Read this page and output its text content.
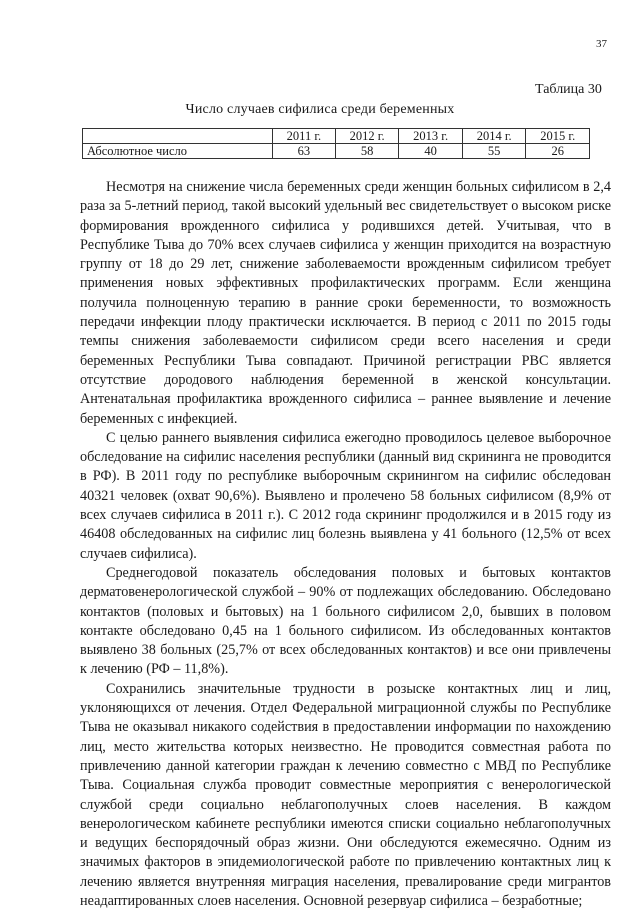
37
Таблица 30
Число случаев сифилиса среди беременных
	2011 г.	2012 г.	2013 г.	2014 г.	2015 г.
Абсолютное число	63	58	40	55	26

Несмотря на снижение числа беременных среди женщин больных сифилисом в 2,4 раза за 5-летний период, такой высокий удельный вес свидетельствует о высоком риске формирования врожденного сифилиса у родившихся детей. Учитывая, что в Республике Тыва до 70% всех случаев сифилиса у женщин приходится на возрастную группу от 18 до 29 лет, снижение заболеваемости врожденным сифилисом требует применения новых эффективных профилактических программ. Если женщина получила полноценную терапию в ранние сроки беременности, то возможность передачи инфекции плоду практически исключается. В период с 2011 по 2015 годы темпы снижения заболеваемости сифилисом среди всего населения и среди беременных Республики Тыва совпадают. Причиной регистрации РВС является отсутствие дородового наблюдения беременной в женской консультации. Антенатальная профилактика врожденного сифилиса – раннее выявление и лечение беременных с инфекцией.

С целью раннего выявления сифилиса ежегодно проводилось целевое выборочное обследование на сифилис населения республики (данный вид скрининга не проводится в РФ). В 2011 году по республике выборочным скринингом на сифилис обследован 40321 человек (охват 90,6%). Выявлено и пролечено 58 больных сифилисом (8,9% от всех случаев сифилиса в 2011 г.). С 2012 года скрининг продолжился и в 2015 году из 46408 обследованных на сифилис лиц болезнь выявлена у 41 больного (12,5% от всех случаев сифилиса).

Среднегодовой показатель обследования половых и бытовых контактов дерматовенерологической службой – 90% от подлежащих обследованию. Обследовано контактов (половых и бытовых) на 1 больного сифилисом 2,0, бывших в половом контакте обследовано 0,45 на 1 больного сифилисом. Из обследованных контактов выявлено 38 больных (25,7% от всех обследованных контактов) и все они привлечены к лечению (РФ – 11,8%).

Сохранились значительные трудности в розыске контактных лиц и лиц, уклоняющихся от лечения. Отдел Федеральной миграционной службы по Республике Тыва не оказывал никакого содействия в предоставлении информации по нахождению лиц, место жительства которых неизвестно. Не проводится совместная работа по привлечению данной категории граждан к лечению совместно с МВД по Республике Тыва. Социальная служба проводит совместные мероприятия с венерологической службой среди социально неблагополучных слоев населения. В каждом венерологическом кабинете республики имеются списки социально неблагополучных и ведущих беспорядочный образ жизни. Они обследуются ежемесячно. Одним из значимых факторов в эпидемиологической работе по привлечению контактных лиц к лечению является внутренняя миграция населения, превалирование среди мигрантов неадаптированных слоев населения. Основной резервуар сифилиса – безработные;
